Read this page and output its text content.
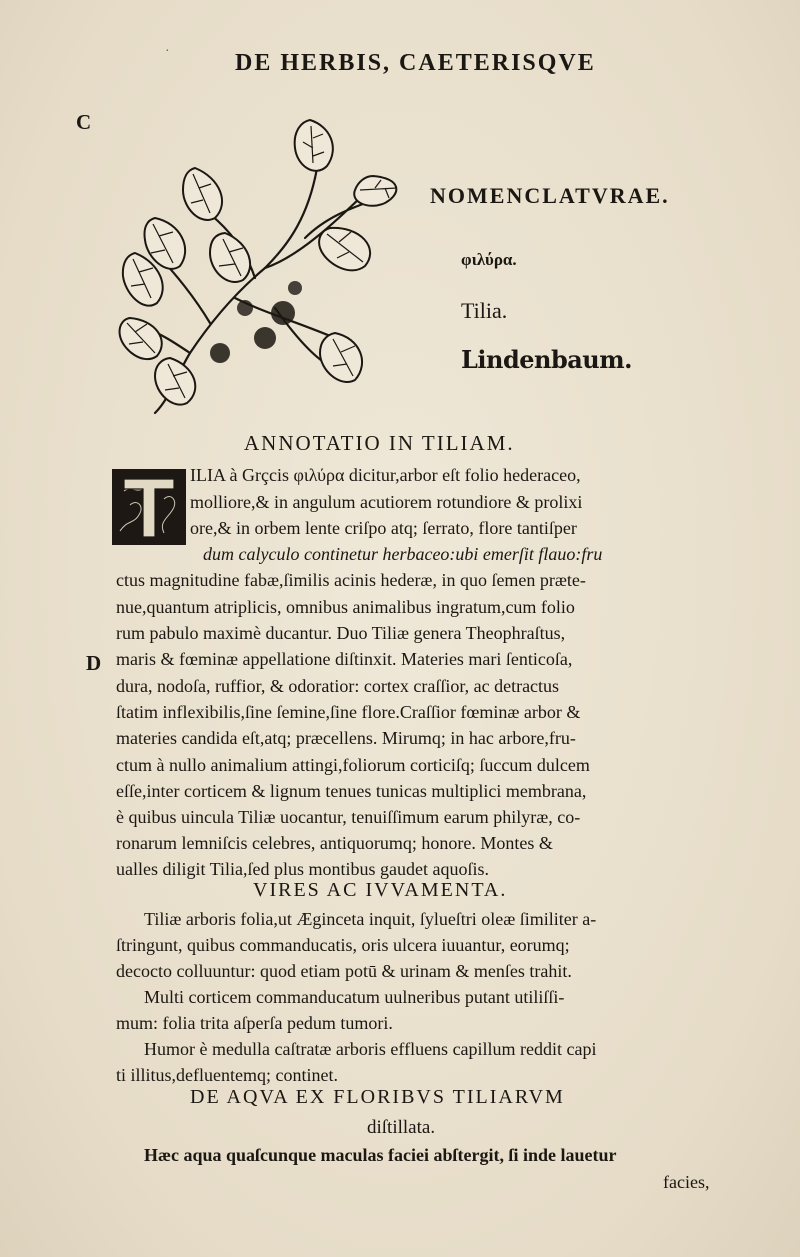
DE HERBIS, CAETERISQVE
C
NOMENCLATVRAE.
φιλύρα.
Tilia.
Lindenbaum.
ANNOTATIO IN TILIAM.
ILIA à Grçcis φιλύρα dicitur,arbor eſt folio hederaceo,
molliore,& in angulum acutiorem rotundiore & prolixi
ore,& in orbem lente criſpo atq; ſerrato, flore tantiſper
dum calyculo continetur herbaceo:ubi emerſit flauo:fru
ctus magnitudine fabæ,ſimilis acinis hederæ, in quo ſemen præte-
nue,quantum atriplicis, omnibus animalibus ingratum,cum folio
rum pabulo maximè ducantur. Duo Tiliæ genera Theophraſtus,
D maris & fœminæ appellatione diſtinxit. Materies mari ſenticoſa,
dura, nodoſa, ruffior, & odoratior: cortex craſſior, ac detractus
ſtatim inflexibilis,ſine ſemine,ſine flore.Craſſior fœminæ arbor &
materies candida eſt,atq; præcellens. Mirumq; in hac arbore,fru-
ctum à nullo animalium attingi,foliorum corticiſq; ſuccum dulcem
eſſe,inter corticem & lignum tenues tunicas multiplici membrana,
è quibus uincula Tiliæ uocantur, tenuiſſimum earum philyræ, co-
ronarum lemniſcis celebres, antiquorumq; honore. Montes &
ualles diligit Tilia,ſed plus montibus gaudet aquoſis.
VIRES AC IVVAMENTA.
Tiliæ arboris folia,ut Æginceta inquit, ſylueſtri oleæ ſimiliter a-
ſtringunt, quibus commanducatis, oris ulcera iuuantur, eorumq;
decocto colluuntur: quod etiam potū & urinam & menſes trahit.
Multi corticem commanducatum uulneribus putant utiliſſi-
mum: folia trita aſperſa pedum tumori.
Humor è medulla caſtratæ arboris effluens capillum reddit capi
ti illitus,defluentemq; continet.
DE AQVA EX FLORIBVS TILIARVM
diſtillata.
Hæc aqua quaſcunque maculas faciei abſtergit, ſi inde lauetur
facies,
·
